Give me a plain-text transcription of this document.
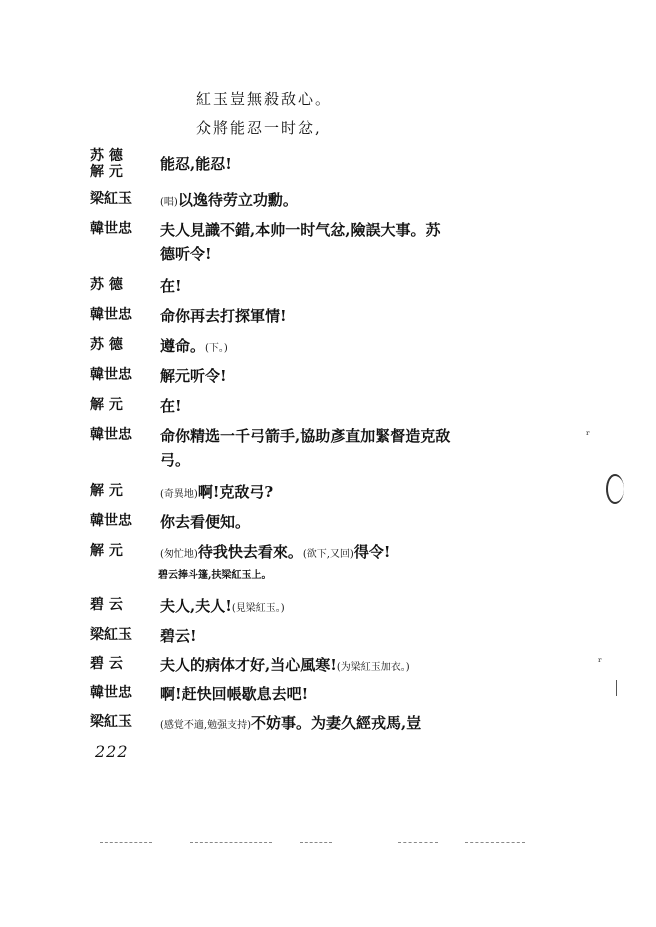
紅玉豈無殺敌心。
众將能忍一时忿,
苏 德
解 元	能忍,能忍!
梁紅玉	(唱)以逸待劳立功勳。
韓世忠	夫人見識不錯,本帅一时气忿,險誤大事。苏
德听令!
苏 德	在!
韓世忠	命你再去打探軍情!
苏 德	遵命。(下。)
韓世忠	解元听令!
解 元	在!
韓世忠	命你精选一千弓箭手,協助彥直加緊督造克敌
弓。
解 元	(奇異地)啊!克敌弓?
韓世忠	你去看便知。
解 元	(匆忙地)待我快去看來。(欲下,又回)得令!
碧云捧斗篷,扶梁紅玉上。
碧 云	夫人,夫人!(見梁紅玉。)
梁紅玉	碧云!
碧 云	夫人的病体才好,当心風寒!(为梁紅玉加衣。)
韓世忠	啊!赶快回帳歇息去吧!
梁紅玉	(感覚不適,勉强支持)不妨事。为妻久經戎馬,豈
222
ʳ
ʳ
